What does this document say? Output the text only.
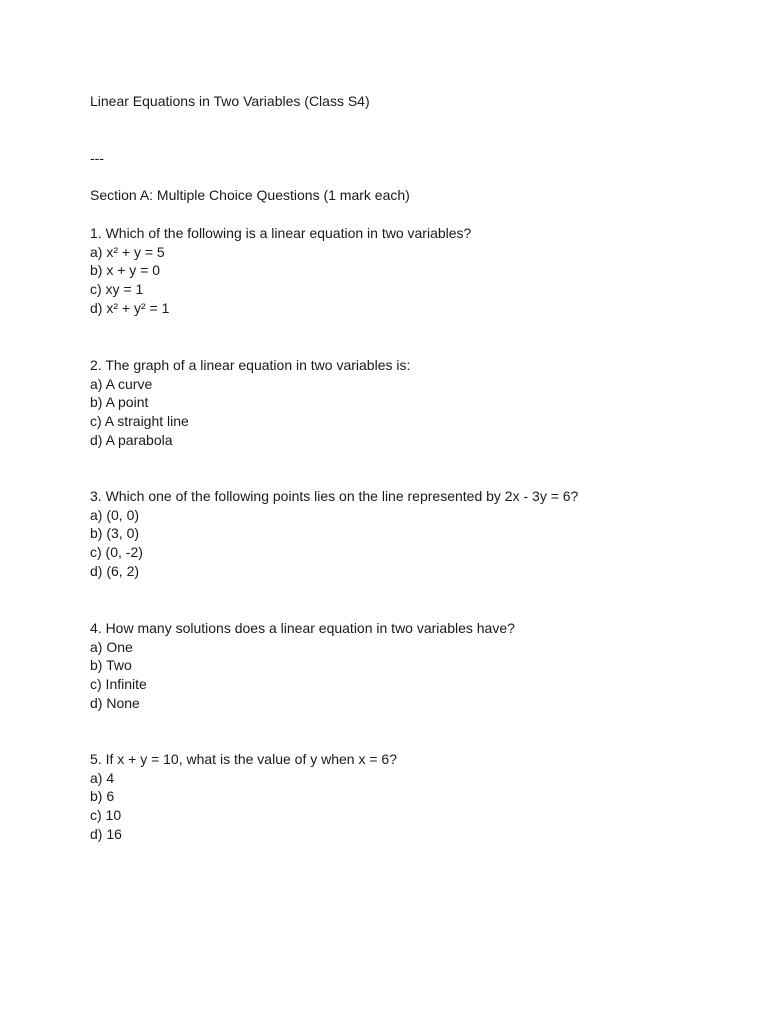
Linear Equations in Two Variables (Class S4)
---
Section A: Multiple Choice Questions (1 mark each)
1. Which of the following is a linear equation in two variables?
a) x² + y = 5
b) x + y = 0
c) xy = 1
d) x² + y² = 1
2. The graph of a linear equation in two variables is:
a) A curve
b) A point
c) A straight line
d) A parabola
3. Which one of the following points lies on the line represented by 2x - 3y = 6?
a) (0, 0)
b) (3, 0)
c) (0, -2)
d) (6, 2)
4. How many solutions does a linear equation in two variables have?
a) One
b) Two
c) Infinite
d) None
5. If x + y = 10, what is the value of y when x = 6?
a) 4
b) 6
c) 10
d) 16
